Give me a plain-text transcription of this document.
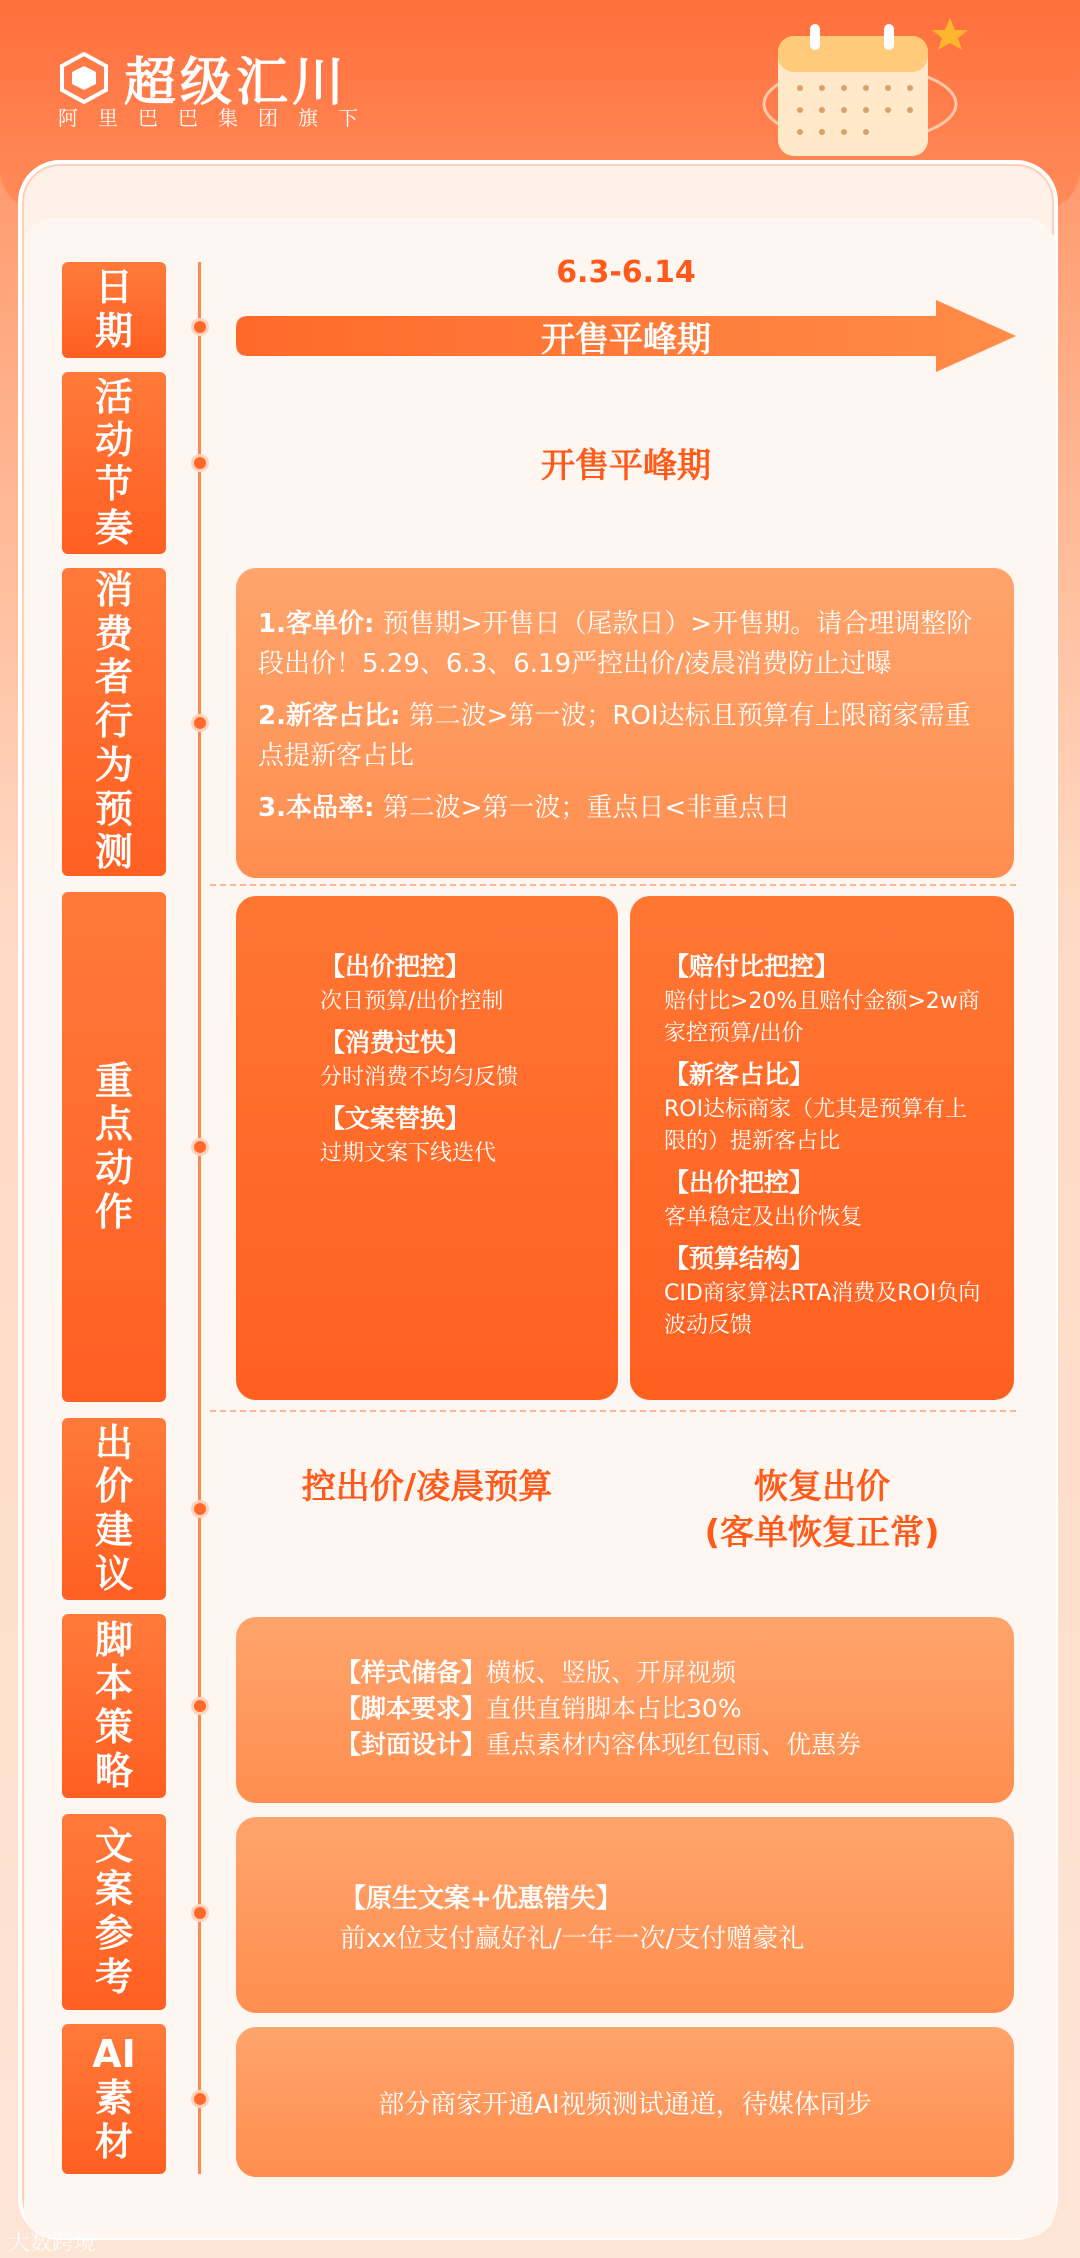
超级汇川
阿里巴巴集团旗下
日期
活动节奏
消费者行为预测
重点动作
出价建议
脚本策略
文案参考
AI素材
6.3-6.14
开售平峰期
开售平峰期

1.客单价: 预售期>开售日（尾款日）>开售期。请合理调整阶段出价！5.29、6.3、6.19严控出价/凌晨消费防止过曝

2.新客占比: 第二波>第一波；ROI达标且预算有上限商家需重点提新客占比

3.本品率: 第二波>第一波；重点日<非重点日

【出价把控】
次日预算/出价控制
【消费过快】
分时消费不均匀反馈
【文案替换】
过期文案下线迭代
【赔付比把控】
赔付比>20%且赔付金额>2w商家控预算/出价
【新客占比】
ROI达标商家（尤其是预算有上限的）提新客占比
【出价把控】
客单稳定及出价恢复
【预算结构】
CID商家算法RTA消费及ROI负向波动反馈
控出价/凌晨预算	恢复出价
(客单恢复正常)
【样式储备】横板、竖版、开屏视频
【脚本要求】直供直销脚本占比30%
【封面设计】重点素材内容体现红包雨、优惠券
【原生文案+优惠错失】
前xx位支付赢好礼/一年一次/支付赠豪礼
部分商家开通AI视频测试通道，待媒体同步
大数跨境
